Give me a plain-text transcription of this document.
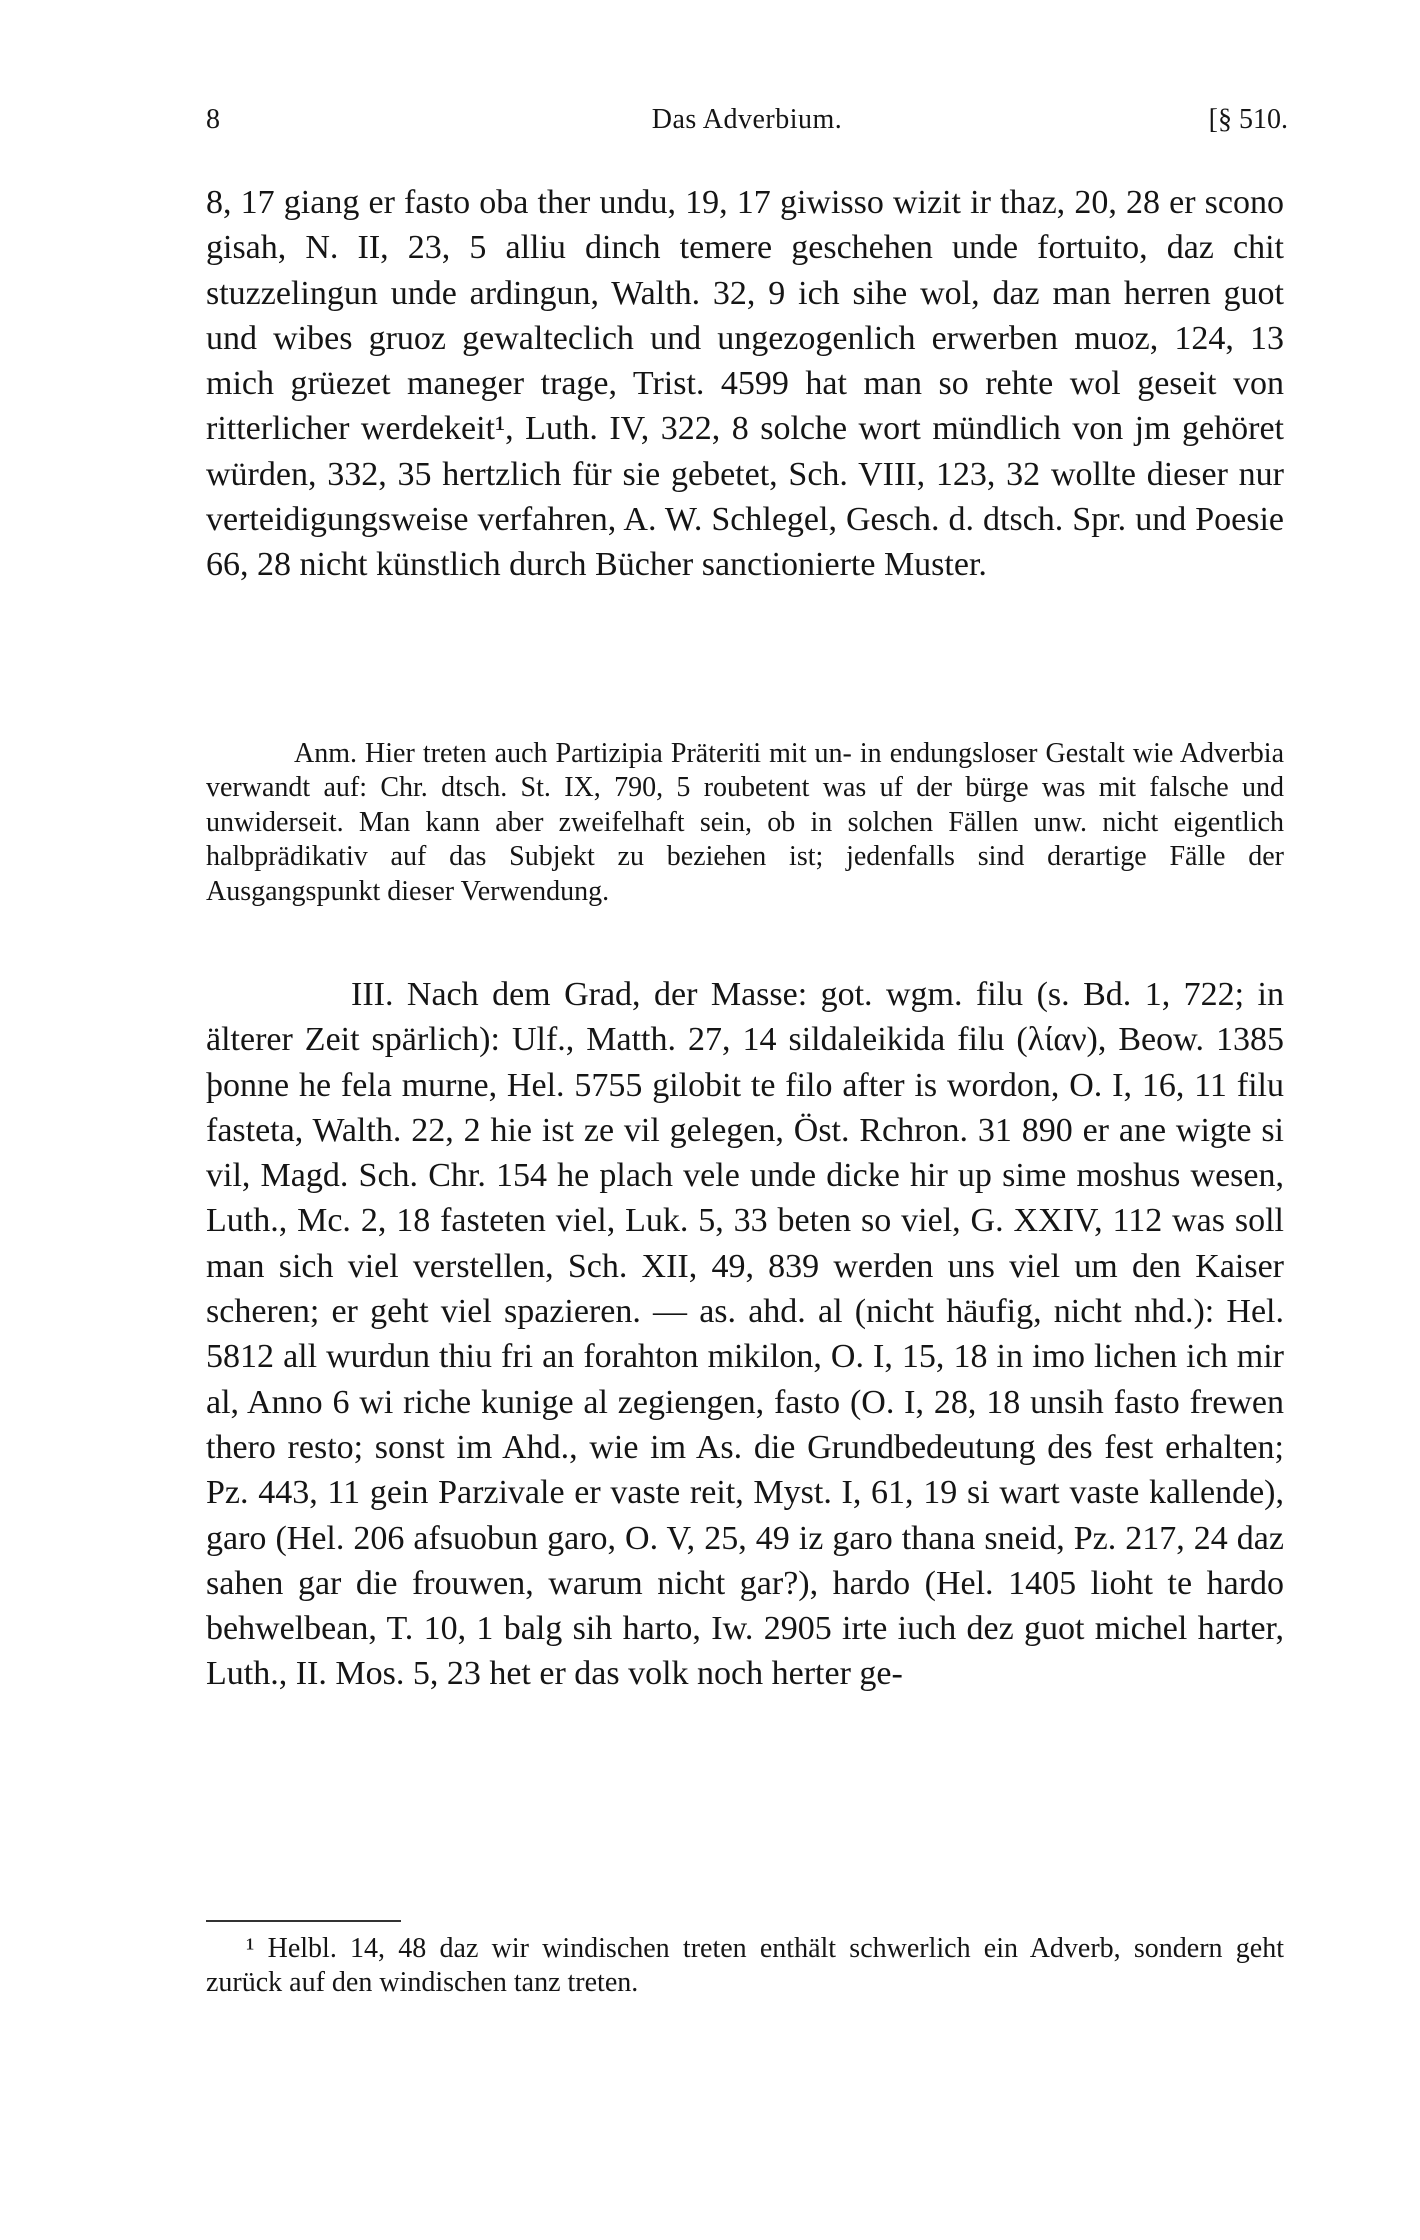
8	Das Adverbium.	[§ 510.

8, 17 giang er fasto oba ther undu, 19, 17 giwisso wizit ir thaz, 20, 28 er scono gisah, N. II, 23, 5 alliu dinch temere geschehen unde fortuito, daz chit stuzzelingun unde ardingun, Walth. 32, 9 ich sihe wol, daz man herren guot und wibes gruoz gewalteclich und ungezogenlich erwerben muoz, 124, 13 mich grüezet maneger trage, Trist. 4599 hat man so rehte wol geseit von ritterlicher werdekeit¹, Luth. IV, 322, 8 solche wort mündlich von jm gehöret würden, 332, 35 hertzlich für sie gebetet, Sch. VIII, 123, 32 wollte dieser nur verteidigungsweise verfahren, A. W. Schlegel, Gesch. d. dtsch. Spr. und Poesie 66, 28 nicht künstlich durch Bücher sanctionierte Muster.

Anm. Hier treten auch Partizipia Präteriti mit un- in endungsloser Gestalt wie Adverbia verwandt auf: Chr. dtsch. St. IX, 790, 5 roubetent was uf der bürge was mit falsche und unwiderseit. Man kann aber zweifelhaft sein, ob in solchen Fällen unw. nicht eigentlich halbprädikativ auf das Subjekt zu beziehen ist; jedenfalls sind derartige Fälle der Ausgangspunkt dieser Verwendung.

III. Nach dem Grad, der Masse: got. wgm. filu (s. Bd. 1, 722; in älterer Zeit spärlich): Ulf., Matth. 27, 14 sildaleikida filu (λίαν), Beow. 1385 þonne he fela murne, Hel. 5755 gilobit te filo after is wordon, O. I, 16, 11 filu fasteta, Walth. 22, 2 hie ist ze vil gelegen, Öst. Rchron. 31 890 er ane wigte si vil, Magd. Sch. Chr. 154 he plach vele unde dicke hir up sime moshus wesen, Luth., Mc. 2, 18 fasteten viel, Luk. 5, 33 beten so viel, G. XXIV, 112 was soll man sich viel verstellen, Sch. XII, 49, 839 werden uns viel um den Kaiser scheren; er geht viel spazieren. — as. ahd. al (nicht häufig, nicht nhd.): Hel. 5812 all wurdun thiu fri an forahton mikilon, O. I, 15, 18 in imo lichen ich mir al, Anno 6 wi riche kunige al zegiengen, fasto (O. I, 28, 18 unsih fasto frewen thero resto; sonst im Ahd., wie im As. die Grundbedeutung des fest erhalten; Pz. 443, 11 gein Parzivale er vaste reit, Myst. I, 61, 19 si wart vaste kallende), garo (Hel. 206 afsuobun garo, O. V, 25, 49 iz garo thana sneid, Pz. 217, 24 daz sahen gar die frouwen, warum nicht gar?), hardo (Hel. 1405 lioht te hardo behwelbean, T. 10, 1 balg sih harto, Iw. 2905 irte iuch dez guot michel harter, Luth., II. Mos. 5, 23 het er das volk noch herter ge-

¹ Helbl. 14, 48 daz wir windischen treten enthält schwerlich ein Adverb, sondern geht zurück auf den windischen tanz treten.
